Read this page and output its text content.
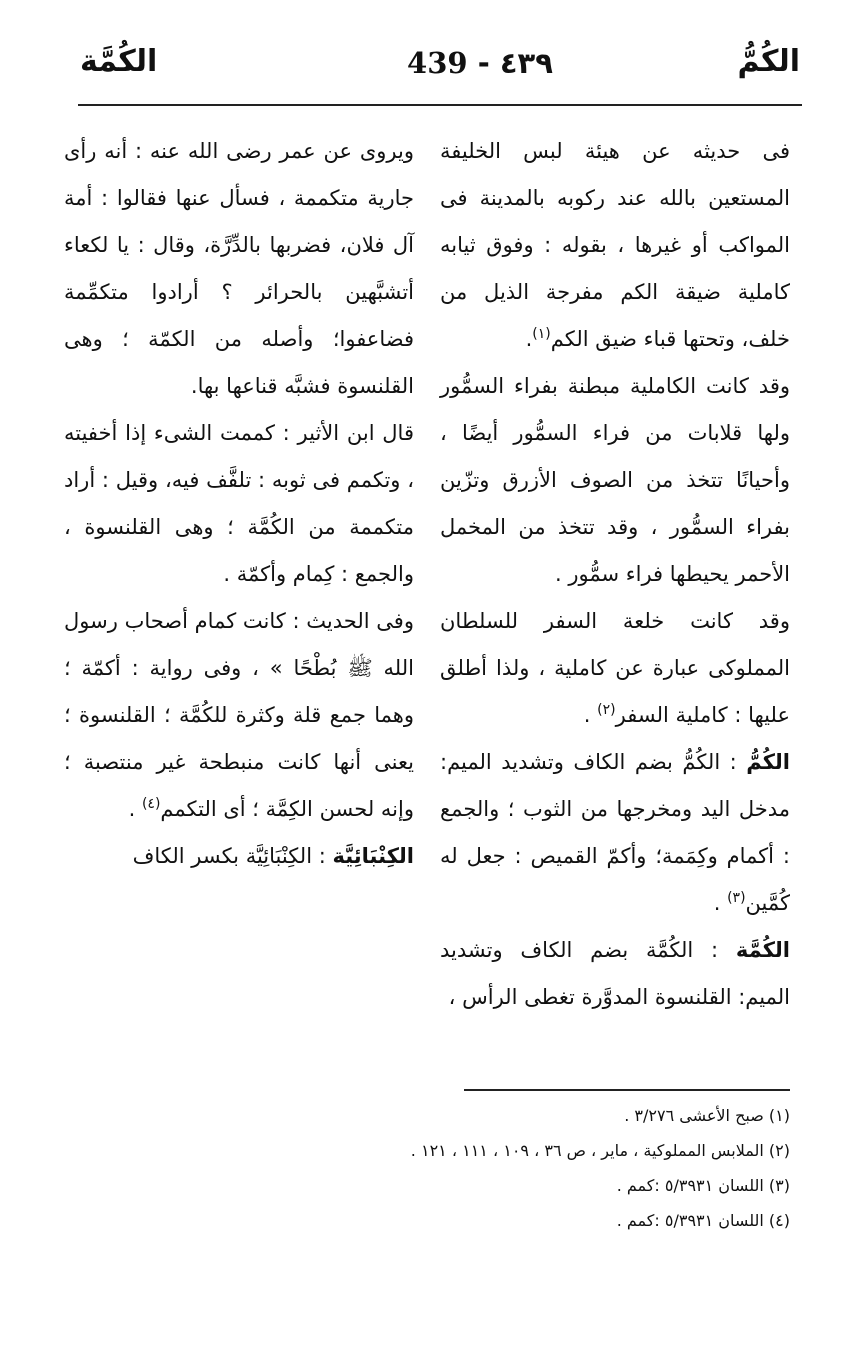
الكُمُّ
439 - ٤٣٩
الكُمَّة

فى حديثه عن هيئة لبس الخليفة المستعين بالله عند ركوبه بالمدينة فى المواكب أو غيرها ، بقوله : وفوق ثيابه كاملية ضيقة الكم مفرجة الذيل من خلف، وتحتها قباء ضيق الكم$^{(١)}$.

وقد كانت الكاملية مبطنة بفراء السمُّور ولها قلابات من فراء السمُّور أيضًا ، وأحيانًا تتخذ من الصوف الأزرق وتزّين بفراء السمُّور ، وقد تتخذ من المخمل الأحمر يحيطها فراء سمُّور .

وقد كانت خلعة السفر للسلطان المملوكى عبارة عن كاملية ، ولذا أطلق عليها : كاملية السفر$^{(٢)}$ .

الكُمُّ : الكُمُّ بضم الكاف وتشديد الميم: مدخل اليد ومخرجها من الثوب ؛ والجمع : أكمام وكِمَمة؛ وأكمّ القميص : جعل له كُمَّين$^{(٣)}$ .

الكُمَّة : الكُمَّة بضم الكاف وتشديد الميم: القلنسوة المدوَّرة تغطى الرأس ،

ويروى عن عمر رضى الله عنه : أنه رأى جارية متكممة ، فسأل عنها فقالوا : أمة آل فلان، فضربها بالدِّرَّة، وقال : يا لكعاء أتشبَّهين بالحرائر ؟ أرادوا متكمِّمة فضاعفوا؛ وأصله من الكمّة ؛ وهى القلنسوة فشبَّه قناعها بها.

قال ابن الأثير : كممت الشىء إذا أخفيته ، وتكمم فى ثوبه : تلفَّف فيه، وقيل : أراد متكممة من الكُمَّة ؛ وهى القلنسوة ، والجمع : كِمام وأكمّة .

وفى الحديث : كانت كمام أصحاب رسول الله ﷺ بُطْحًا » ، وفى رواية : أكمّة ؛ وهما جمع قلة وكثرة للكُمَّة ؛ القلنسوة ؛ يعنى أنها كانت منبطحة غير منتصبة ؛ وإنه لحسن الكِمَّة ؛ أى التكمم$^{(٤)}$ .

الكِنْبَائِيَّة : الكِنْبَائِيَّة بكسر الكاف

(١) صبح الأعشى ٣/٢٧٦ .

(٢) الملابس المملوكية ، ماير ، ص ٣٦ ، ١٠٩ ، ١١١ ، ١٢١ .

(٣) اللسان ٥/٣٩٣١ :كمم .

(٤) اللسان ٥/٣٩٣١ :كمم .
